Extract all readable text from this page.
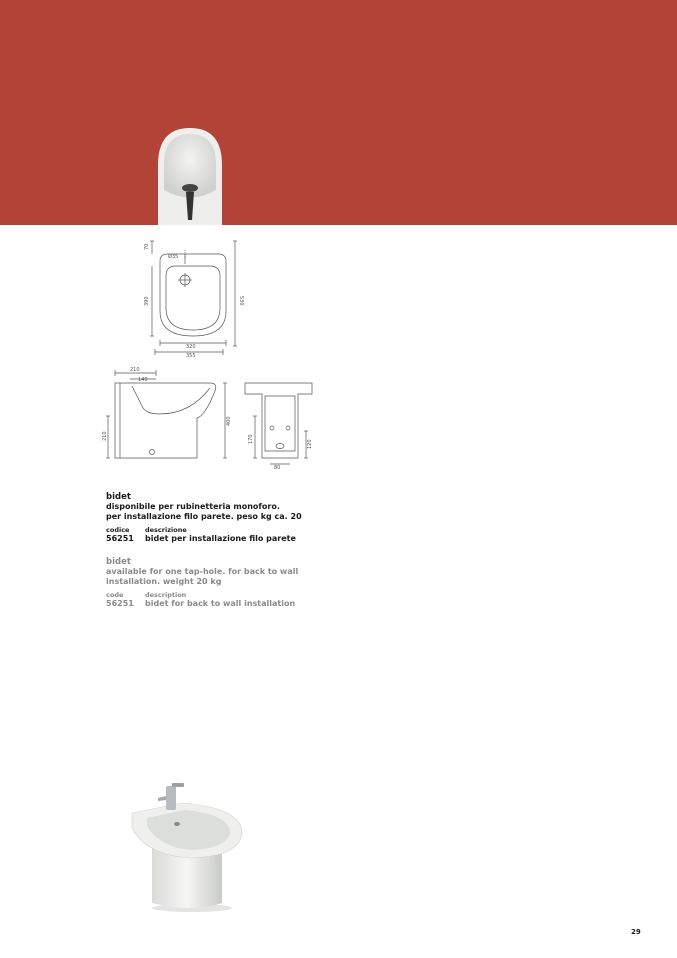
70
Ø35
390	530
320
355
210
140
400
210	170
120
80
bidet
disponibile per rubinetteria monoforo.
per installazione filo parete. peso kg ca. 20
codice	descrizione
56251	bidet per installazione filo parete
bidet
available for one tap-hole. for back to wall
installation. weight 20 kg
code	description
56251	bidet for back to wall installation
29
